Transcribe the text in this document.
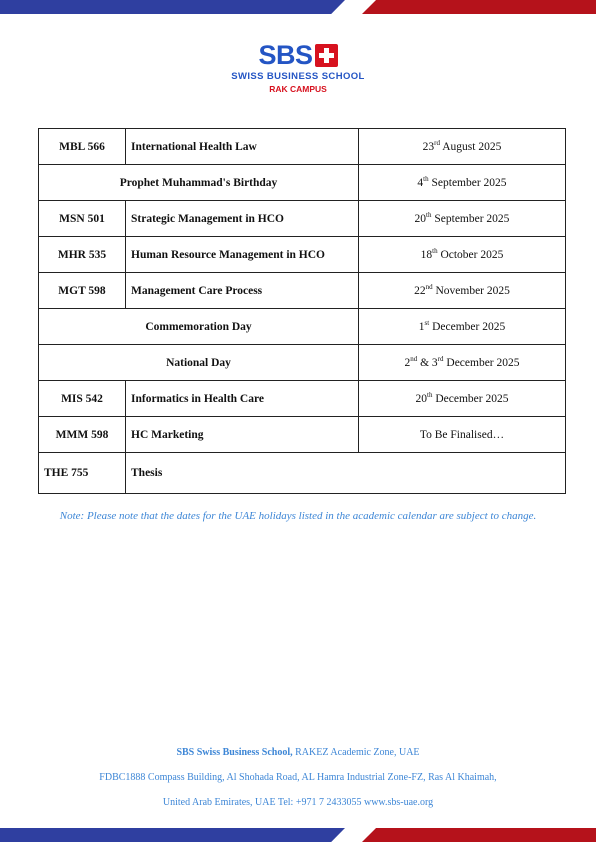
SBS
SWISS BUSINESS SCHOOL
RAK CAMPUS
MBL 566	International Health Law	23rd August 2025
Prophet Muhammad's Birthday		4th September 2025
MSN 501	Strategic Management in HCO	20th September 2025
MHR 535	Human Resource Management in HCO	18th October 2025
MGT 598	Management Care Process	22nd November 2025
Commemoration Day		1st December 2025
National Day		2nd & 3rd December 2025
MIS 542	Informatics in Health Care	20th December 2025
MMM 598	HC Marketing	To Be Finalised…
THE 755	Thesis	
Note: Please note that the dates for the UAE holidays listed in the academic calendar are subject to change.
SBS Swiss Business School, RAKEZ Academic Zone, UAE
FDBC1888 Compass Building, Al Shohada Road, AL Hamra Industrial Zone-FZ, Ras Al Khaimah,
United Arab Emirates, UAE Tel: +971 7 2433055 www.sbs-uae.org
